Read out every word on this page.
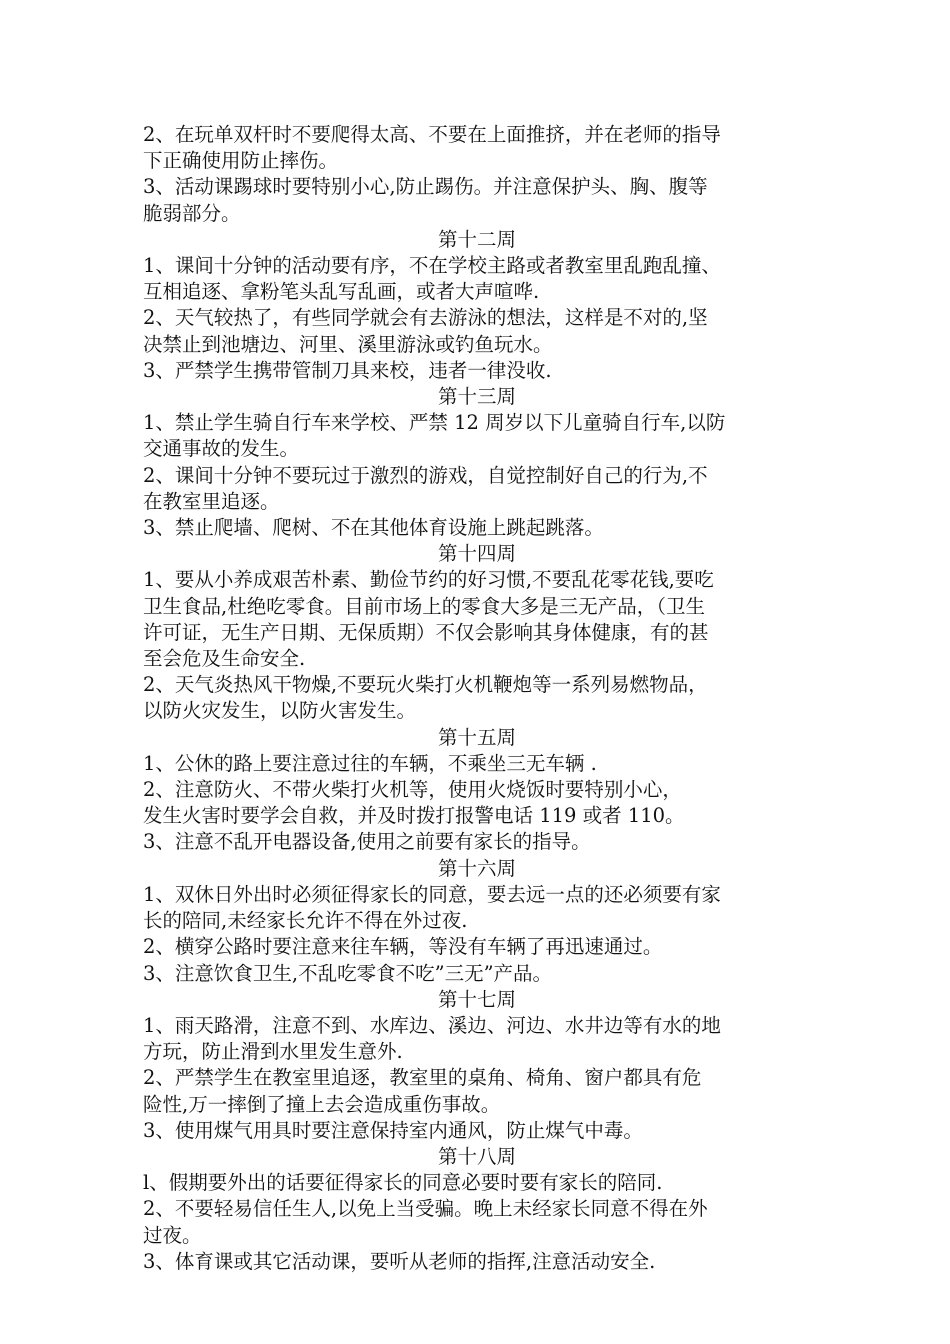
2、在玩单双杆时不要爬得太高、不要在上面推挤，并在老师的指导
下正确使用防止摔伤。
3、活动课踢球时要特别小心,防止踢伤。并注意保护头、胸、腹等
脆弱部分。
第十二周
1、课间十分钟的活动要有序，不在学校主路或者教室里乱跑乱撞、
互相追逐、拿粉笔头乱写乱画，或者大声喧哗.
2、天气较热了，有些同学就会有去游泳的想法，这样是不对的,坚
决禁止到池塘边、河里、溪里游泳或钓鱼玩水。
3、严禁学生携带管制刀具来校，违者一律没收.
第十三周
1、禁止学生骑自行车来学校、严禁 12 周岁以下儿童骑自行车,以防
交通事故的发生。
2、课间十分钟不要玩过于激烈的游戏，自觉控制好自己的行为,不
在教室里追逐。
3、禁止爬墙、爬树、不在其他体育设施上跳起跳落。
第十四周
1、要从小养成艰苦朴素、勤俭节约的好习惯,不要乱花零花钱,要吃
卫生食品,杜绝吃零食。目前市场上的零食大多是三无产品，（卫生
许可证，无生产日期、无保质期）不仅会影响其身体健康，有的甚
至会危及生命安全.
2、天气炎热风干物燥,不要玩火柴打火机鞭炮等一系列易燃物品，
以防火灾发生，以防火害发生。
第十五周
1、公休的路上要注意过往的车辆，不乘坐三无车辆 .
2、注意防火、不带火柴打火机等，使用火烧饭时要特别小心，
发生火害时要学会自救，并及时拨打报警电话 119 或者 110。
3、注意不乱开电器设备,使用之前要有家长的指导。
第十六周
1、双休日外出时必须征得家长的同意，要去远一点的还必须要有家
长的陪同,未经家长允许不得在外过夜.
2、横穿公路时要注意来往车辆，等没有车辆了再迅速通过。
3、注意饮食卫生,不乱吃零食不吃”三无”产品。
第十七周
1、雨天路滑，注意不到、水库边、溪边、河边、水井边等有水的地
方玩，防止滑到水里发生意外.
2、严禁学生在教室里追逐，教室里的桌角、椅角、窗户都具有危
险性,万一摔倒了撞上去会造成重伤事故。
3、使用煤气用具时要注意保持室内通风，防止煤气中毒。
第十八周
l、假期要外出的话要征得家长的同意必要时要有家长的陪同.
2、不要轻易信任生人,以免上当受骗。晚上未经家长同意不得在外
过夜。
3、体育课或其它活动课，要听从老师的指挥,注意活动安全.
